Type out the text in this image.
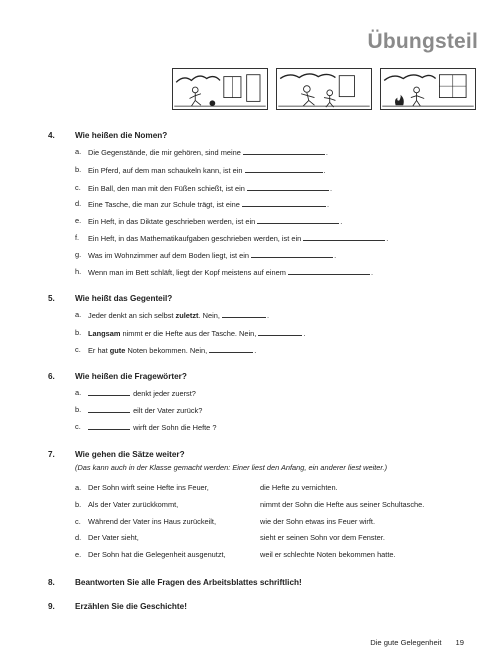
Übungsteil
4. Wie heißen die Nomen?
a. Die Gegenstände, die mir gehören, sind meine	.
b. Ein Pferd, auf dem man schaukeln kann, ist ein	.
c. Ein Ball, den man mit den Füßen schießt, ist ein	.
d. Eine Tasche, die man zur Schule trägt, ist eine	.
e. Ein Heft, in das Diktate geschrieben werden, ist ein	.
f. Ein Heft, in das Mathematikaufgaben geschrieben werden, ist ein	.
g. Was im Wohnzimmer auf dem Boden liegt, ist ein	.
h. Wenn man im Bett schläft, liegt der Kopf meistens auf einem	.
5. Wie heißt das Gegenteil?
a. Jeder denkt an sich selbst zuletzt. Nein,	.
b. Langsam nimmt er die Hefte aus der Tasche. Nein,	.
c. Er hat gute Noten bekommen. Nein,	.
6. Wie heißen die Fragewörter?
a.	denkt jeder zuerst?
b.	eilt der Vater zurück?
c.	wirft der Sohn die Hefte ?
7. Wie gehen die Sätze weiter?
(Das kann auch in der Klasse gemacht werden: Einer liest den Anfang, ein anderer liest weiter.)
a. Der Sohn wirft seine Hefte ins Feuer,	die Hefte zu vernichten.
b. Als der Vater zurückkommt,	nimmt der Sohn die Hefte aus seiner Schultasche.
c. Während der Vater ins Haus zurückeilt,	wie der Sohn etwas ins Feuer wirft.
d. Der Vater sieht,	sieht er seinen Sohn vor dem Fenster.
e. Der Sohn hat die Gelegenheit ausgenutzt,	weil er schlechte Noten bekommen hatte.
8. Beantworten Sie alle Fragen des Arbeitsblattes schriftlich!
9. Erzählen Sie die Geschichte!
Die gute Gelegenheit 19
